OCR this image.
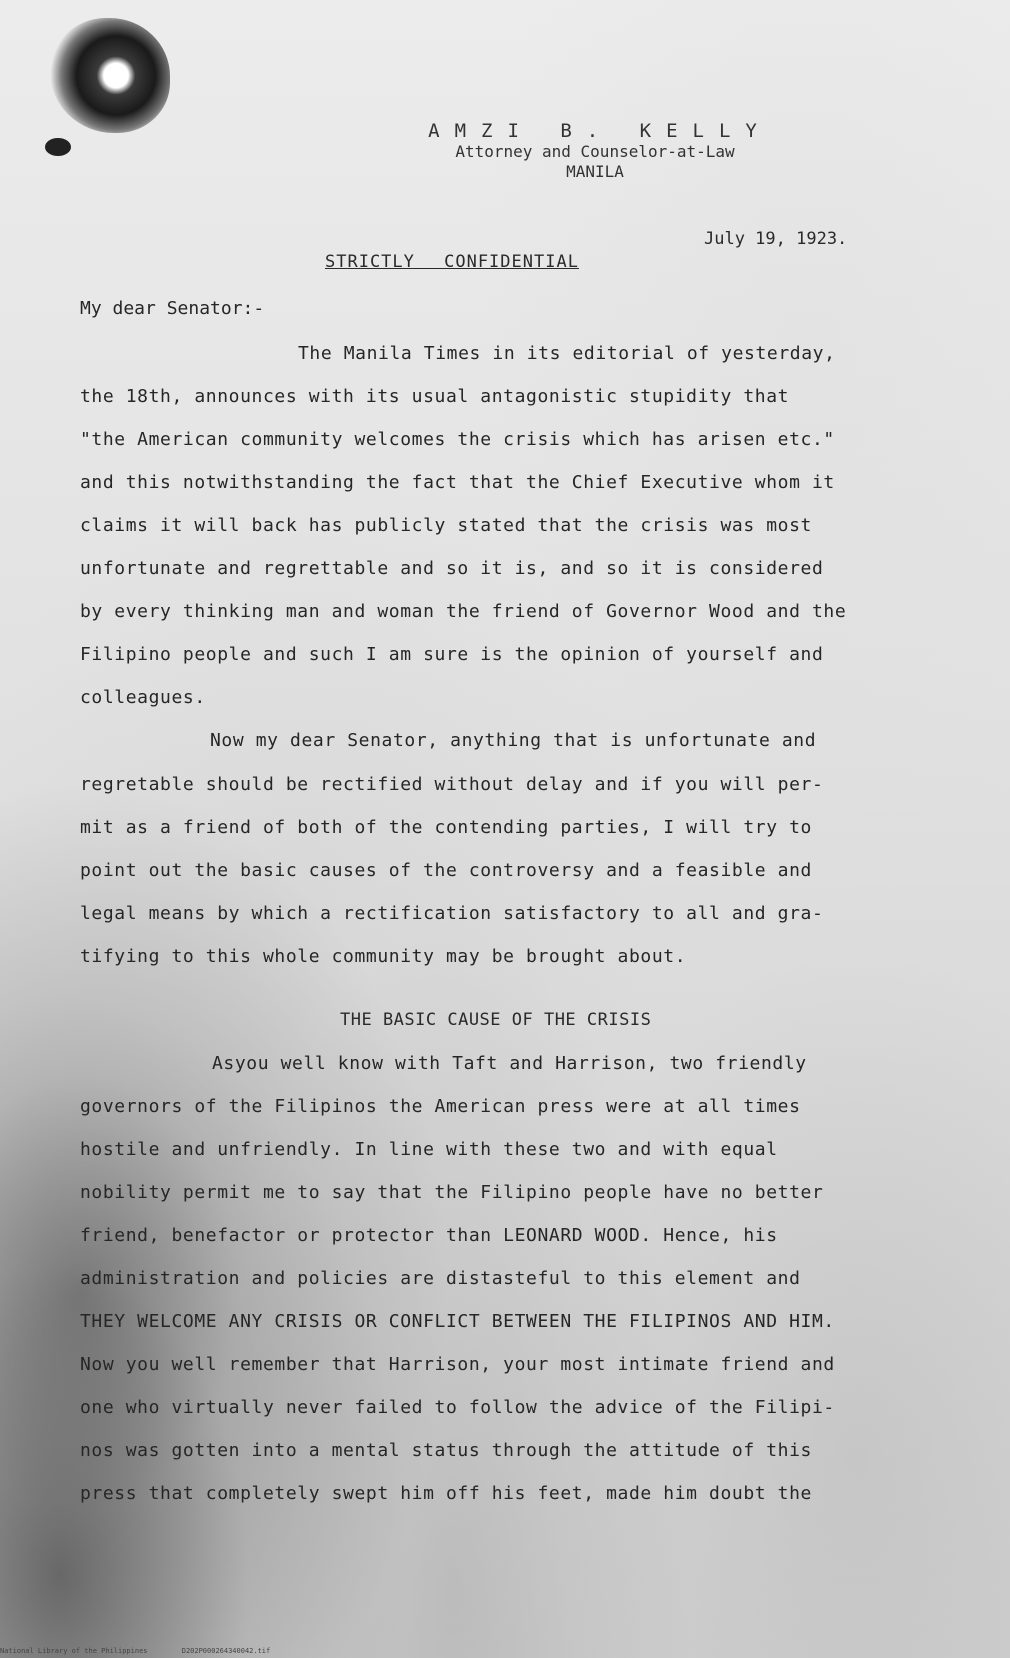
AMZI B. KELLY
Attorney and Counselor-at-Law
MANILA
July 19, 1923.
STRICTLY CONFIDENTIAL
My dear Senator:-
The Manila Times in its editorial of yesterday,
the 18th, announces with its usual antagonistic stupidity that
"the American community welcomes the crisis which has arisen etc."
and this notwithstanding the fact that the Chief Executive whom it
claims it will back has publicly stated that the crisis was most
unfortunate and regrettable and so it is, and so it is considered
by every thinking man and woman the friend of Governor Wood and the
Filipino people and such I am sure is the opinion of yourself and
colleagues.
Now my dear Senator, anything that is unfortunate and
regretable should be rectified without delay and if you will per-
mit as a friend of both of the contending parties, I will try to
point out the basic causes of the controversy and a feasible and
legal means by which a rectification satisfactory to all and gra-
tifying to this whole community may be brought about.
THE BASIC CAUSE OF THE CRISIS
Asyou well know with Taft and Harrison, two friendly
governors of the Filipinos the American press were at all times
hostile and unfriendly. In line with these two and with equal
nobility permit me to say that the Filipino people have no better
friend, benefactor or protector than LEONARD WOOD. Hence, his
administration and policies are distasteful to this element and
THEY WELCOME ANY CRISIS OR CONFLICT BETWEEN THE FILIPINOS AND HIM.
Now you well remember that Harrison, your most intimate friend and
one who virtually never failed to follow the advice of the Filipi-
nos was gotten into a mental status through the attitude of this
press that completely swept him off his feet, made him doubt the
National Library of the Philippines	D202P000264340042.tif
